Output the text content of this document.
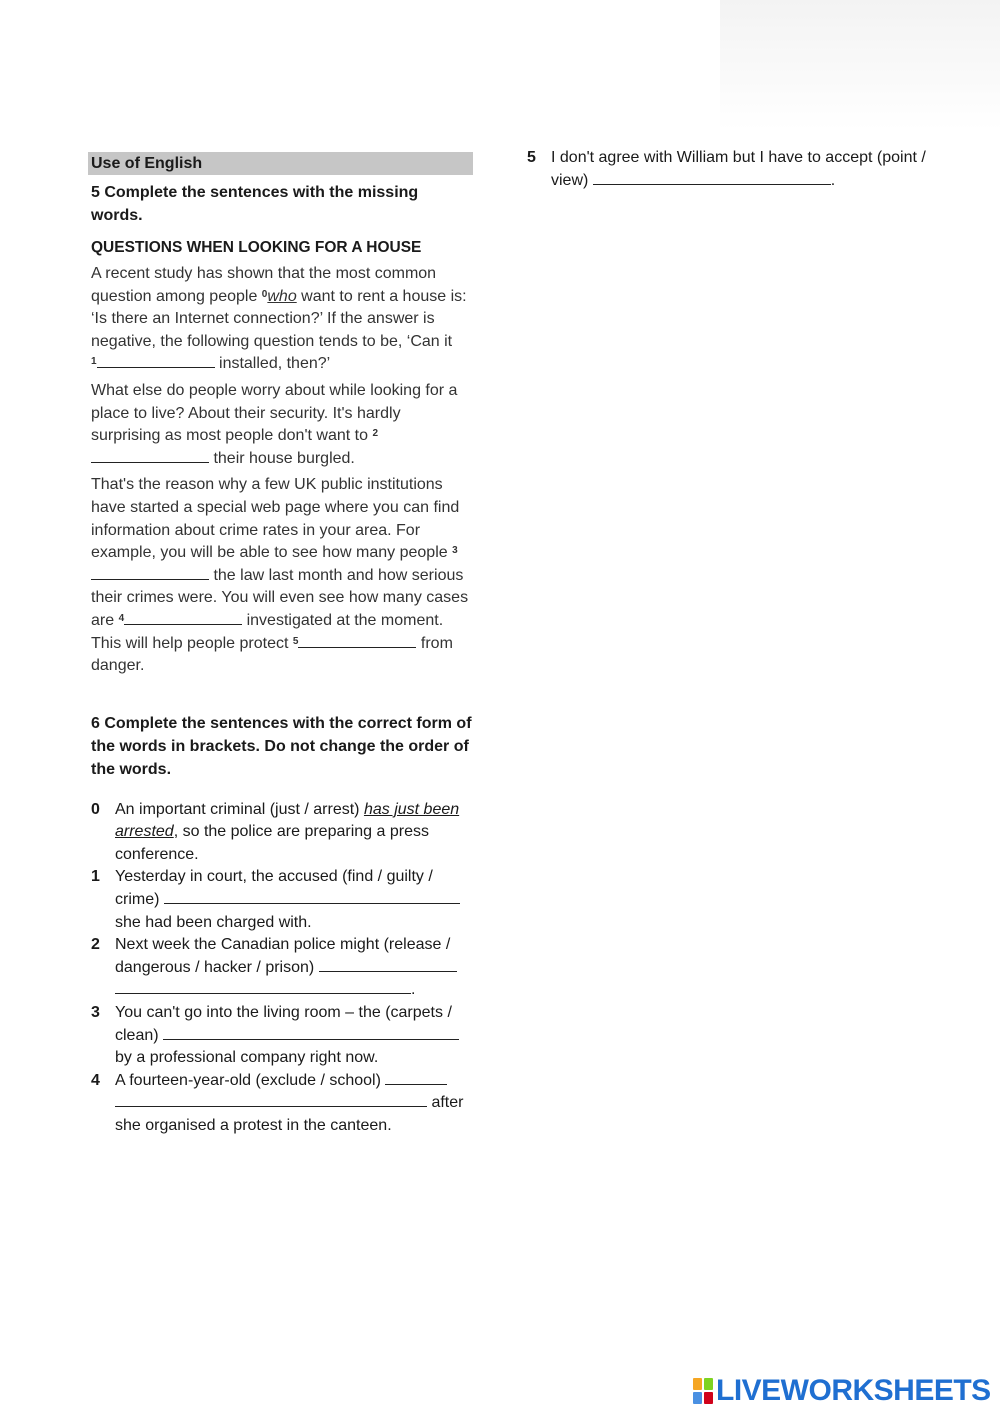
Use of English
5 Complete the sentences with the missing words.
QUESTIONS WHEN LOOKING FOR A HOUSE
A recent study has shown that the most common question among people $^0$who want to rent a house is: ‘Is there an Internet connection?’ If the answer is negative, the following question tends to be, ‘Can it
$^1$	installed, then?’
What else do people worry about while looking for a place to live? About their security. It's hardly surprising as most people don't want to $^2$ their house burgled.
That's the reason why a few UK public institutions have started a special web page where you can find information about crime rates in your area. For example, you will be able to see how many people $^3$ the law last month and how serious their crimes were. You will even see how many cases are $^4$	investigated at the moment. This will help people protect $^5$	from danger.
6 Complete the sentences with the correct form of the words in brackets. Do not change the order of the words.
0 An important criminal (just / arrest) has just been arrested, so the police are preparing a press conference.
1 Yesterday in court, the accused (find / guilty / crime)  she had been charged with.
2 Next week the Canadian police might (release / dangerous / hacker / prison)
.
3 You can't go into the living room – the (carpets / clean)  by a professional company right now.
4 A fourteen-year-old (exclude / school)
after she organised a protest in the canteen.
5 I don't agree with William but I have to accept (point / view)	.
LIVEWORKSHEETS
